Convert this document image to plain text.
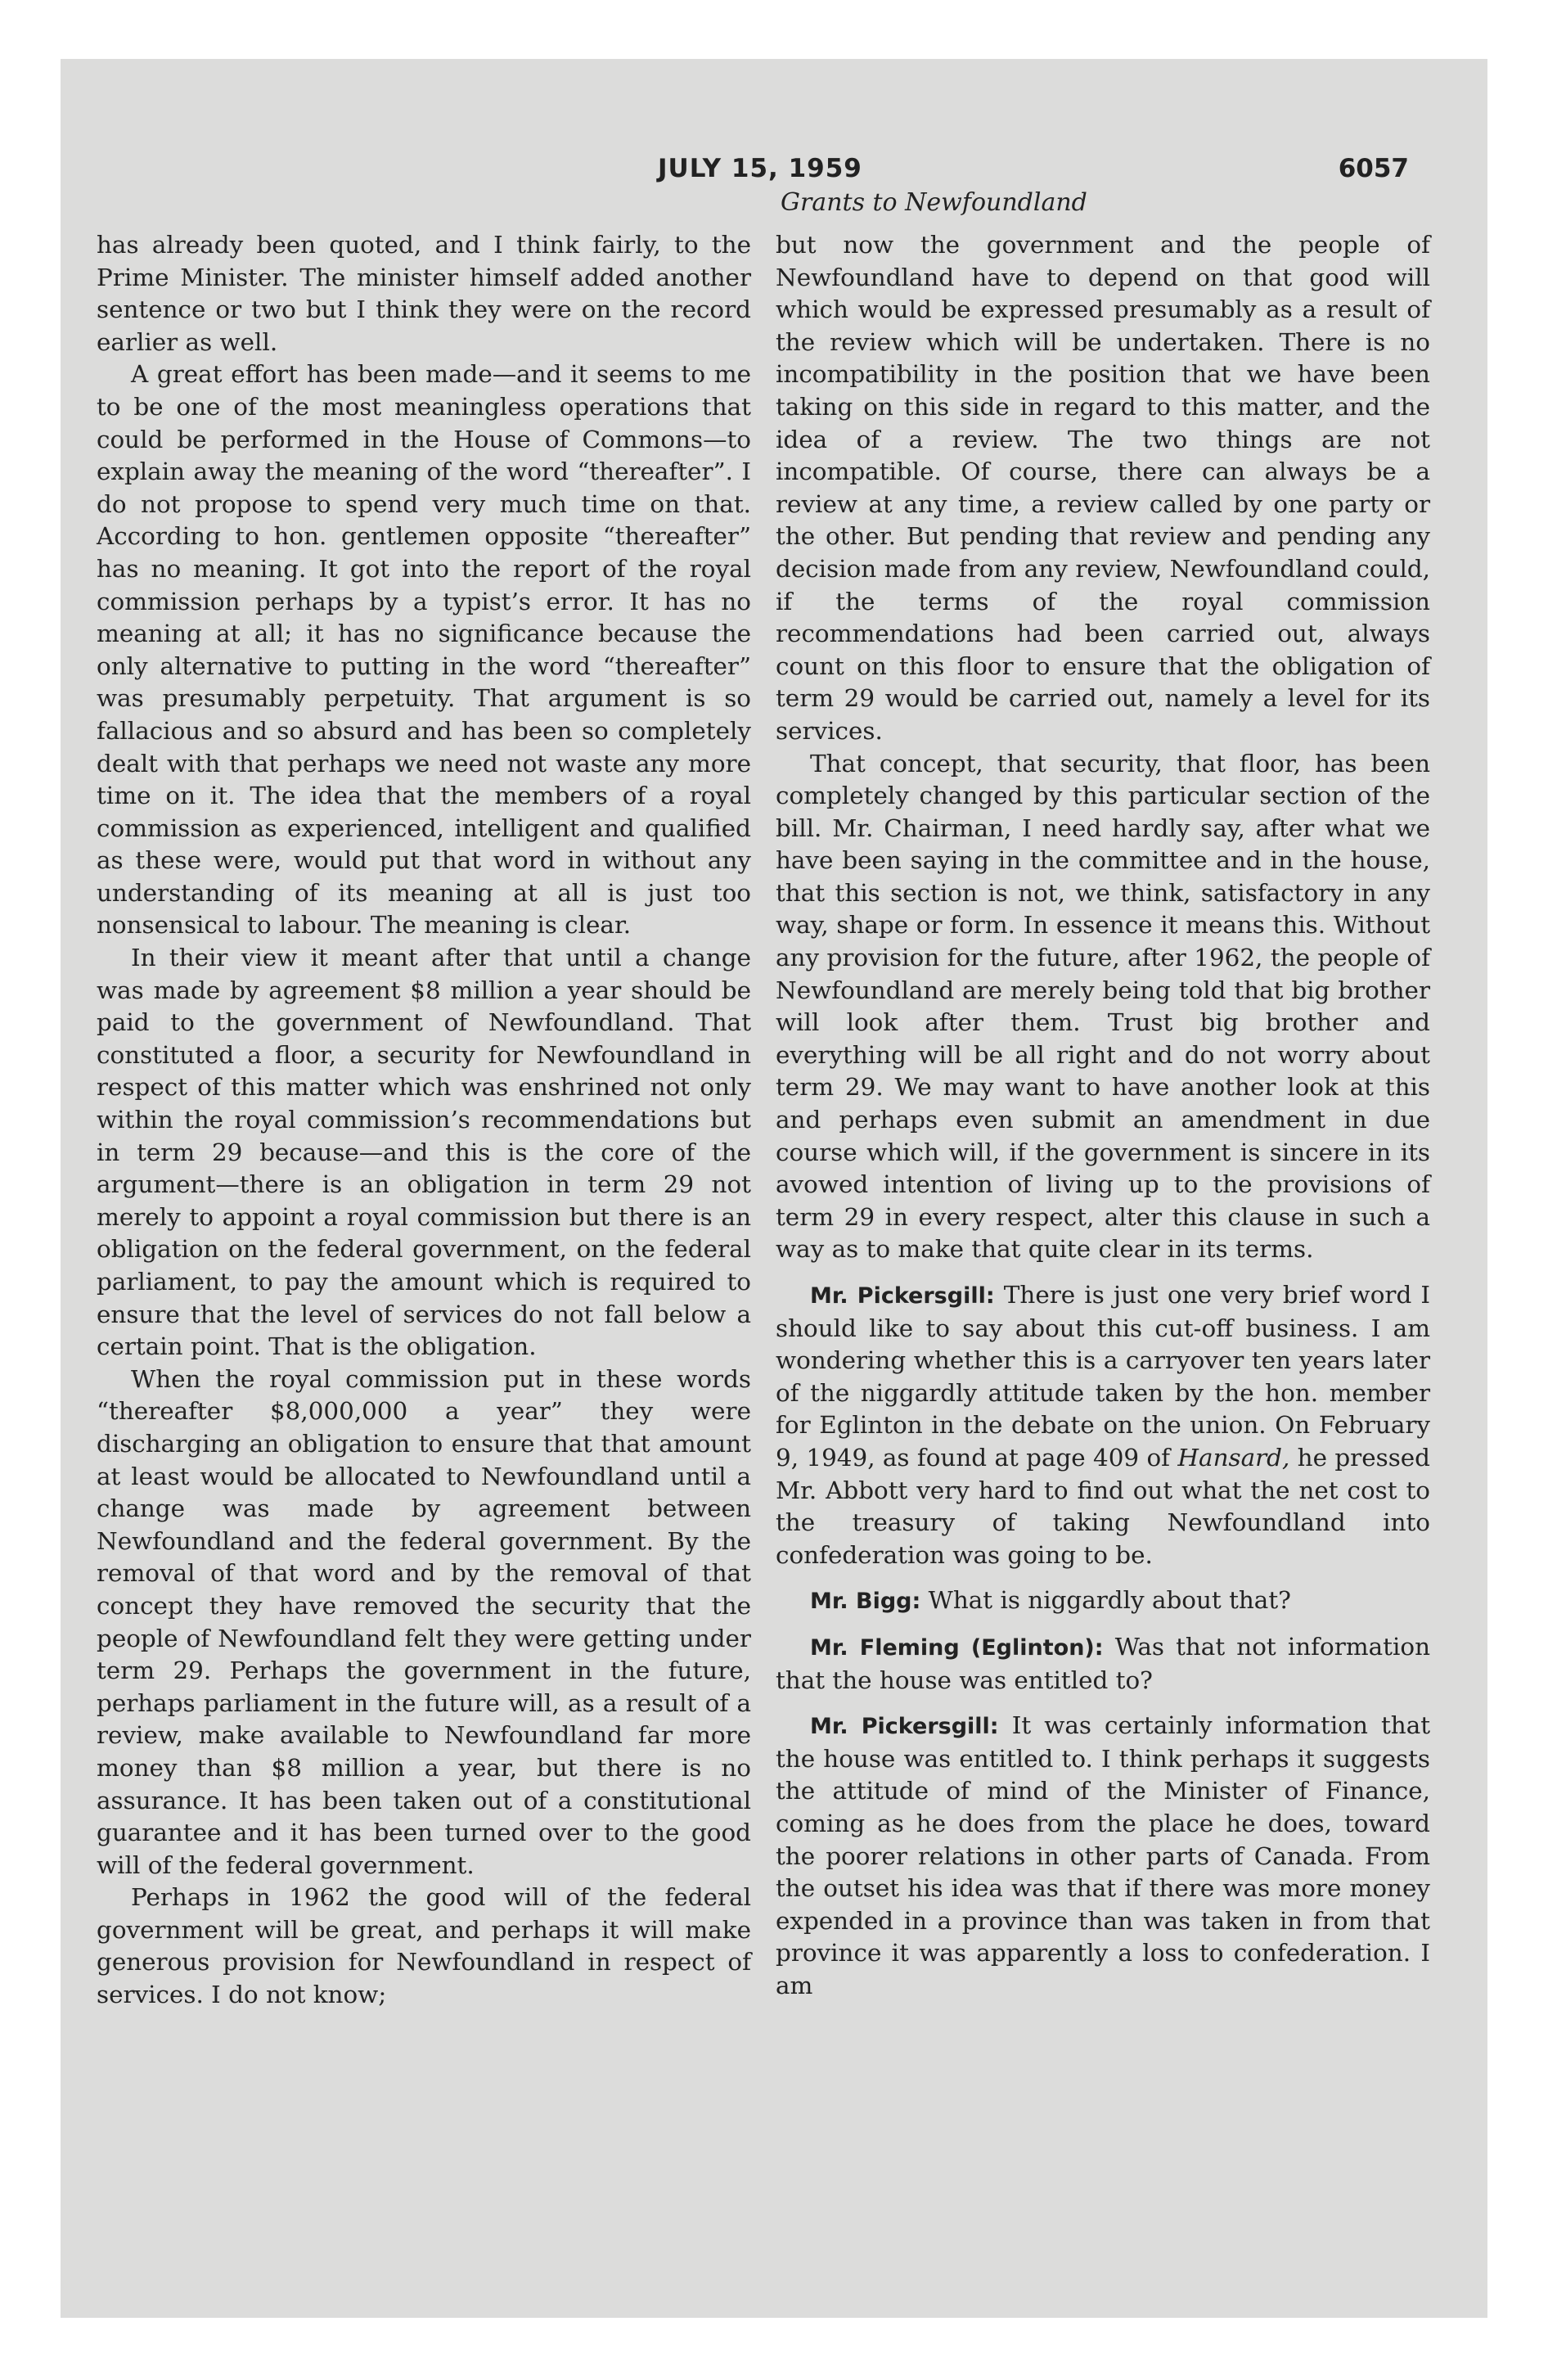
JULY 15, 1959	6057
Grants to Newfoundland

has already been quoted, and I think fairly, to the Prime Minister. The minister himself added another sentence or two but I think they were on the record earlier as well.

A great effort has been made—and it seems to me to be one of the most meaningless operations that could be performed in the House of Commons—to explain away the meaning of the word “thereafter”. I do not propose to spend very much time on that. According to hon. gentlemen opposite “thereafter” has no meaning. It got into the report of the royal commission perhaps by a typist’s error. It has no meaning at all; it has no significance because the only alternative to putting in the word “thereafter” was presumably perpetuity. That argument is so fallacious and so absurd and has been so completely dealt with that perhaps we need not waste any more time on it. The idea that the members of a royal commission as experienced, intelligent and qualified as these were, would put that word in without any understanding of its meaning at all is just too nonsensical to labour. The meaning is clear.

In their view it meant after that until a change was made by agreement $8 million a year should be paid to the government of Newfoundland. That constituted a floor, a security for Newfoundland in respect of this matter which was enshrined not only within the royal commission’s recommendations but in term 29 because—and this is the core of the argument—there is an obligation in term 29 not merely to appoint a royal commission but there is an obligation on the federal government, on the federal parliament, to pay the amount which is required to ensure that the level of services do not fall below a certain point. That is the obligation.

When the royal commission put in these words “thereafter $8,000,000 a year” they were discharging an obligation to ensure that that amount at least would be allocated to Newfoundland until a change was made by agreement between Newfoundland and the federal government. By the removal of that word and by the removal of that concept they have removed the security that the people of Newfoundland felt they were getting under term 29. Perhaps the government in the future, perhaps parliament in the future will, as a result of a review, make available to Newfoundland far more money than $8 million a year, but there is no assurance. It has been taken out of a constitutional guarantee and it has been turned over to the good will of the federal government.

Perhaps in 1962 the good will of the federal government will be great, and perhaps it will make generous provision for Newfoundland in respect of services. I do not know;

but now the government and the people of Newfoundland have to depend on that good will which would be expressed presumably as a result of the review which will be undertaken. There is no incompatibility in the position that we have been taking on this side in regard to this matter, and the idea of a review. The two things are not incompatible. Of course, there can always be a review at any time, a review called by one party or the other. But pending that review and pending any decision made from any review, Newfoundland could, if the terms of the royal commission recommendations had been carried out, always count on this floor to ensure that the obligation of term 29 would be carried out, namely a level for its services.

That concept, that security, that floor, has been completely changed by this particular section of the bill. Mr. Chairman, I need hardly say, after what we have been saying in the committee and in the house, that this section is not, we think, satisfactory in any way, shape or form. In essence it means this. Without any provision for the future, after 1962, the people of Newfoundland are merely being told that big brother will look after them. Trust big brother and everything will be all right and do not worry about term 29. We may want to have another look at this and perhaps even submit an amendment in due course which will, if the government is sincere in its avowed intention of living up to the provisions of term 29 in every respect, alter this clause in such a way as to make that quite clear in its terms.

Mr. Pickersgill: There is just one very brief word I should like to say about this cut-off business. I am wondering whether this is a carryover ten years later of the niggardly attitude taken by the hon. member for Eglinton in the debate on the union. On February 9, 1949, as found at page 409 of Hansard, he pressed Mr. Abbott very hard to find out what the net cost to the treasury of taking Newfoundland into confederation was going to be.

Mr. Bigg: What is niggardly about that?

Mr. Fleming (Eglinton): Was that not information that the house was entitled to?

Mr. Pickersgill: It was certainly information that the house was entitled to. I think perhaps it suggests the attitude of mind of the Minister of Finance, coming as he does from the place he does, toward the poorer relations in other parts of Canada. From the outset his idea was that if there was more money expended in a province than was taken in from that province it was apparently a loss to confederation. I am
